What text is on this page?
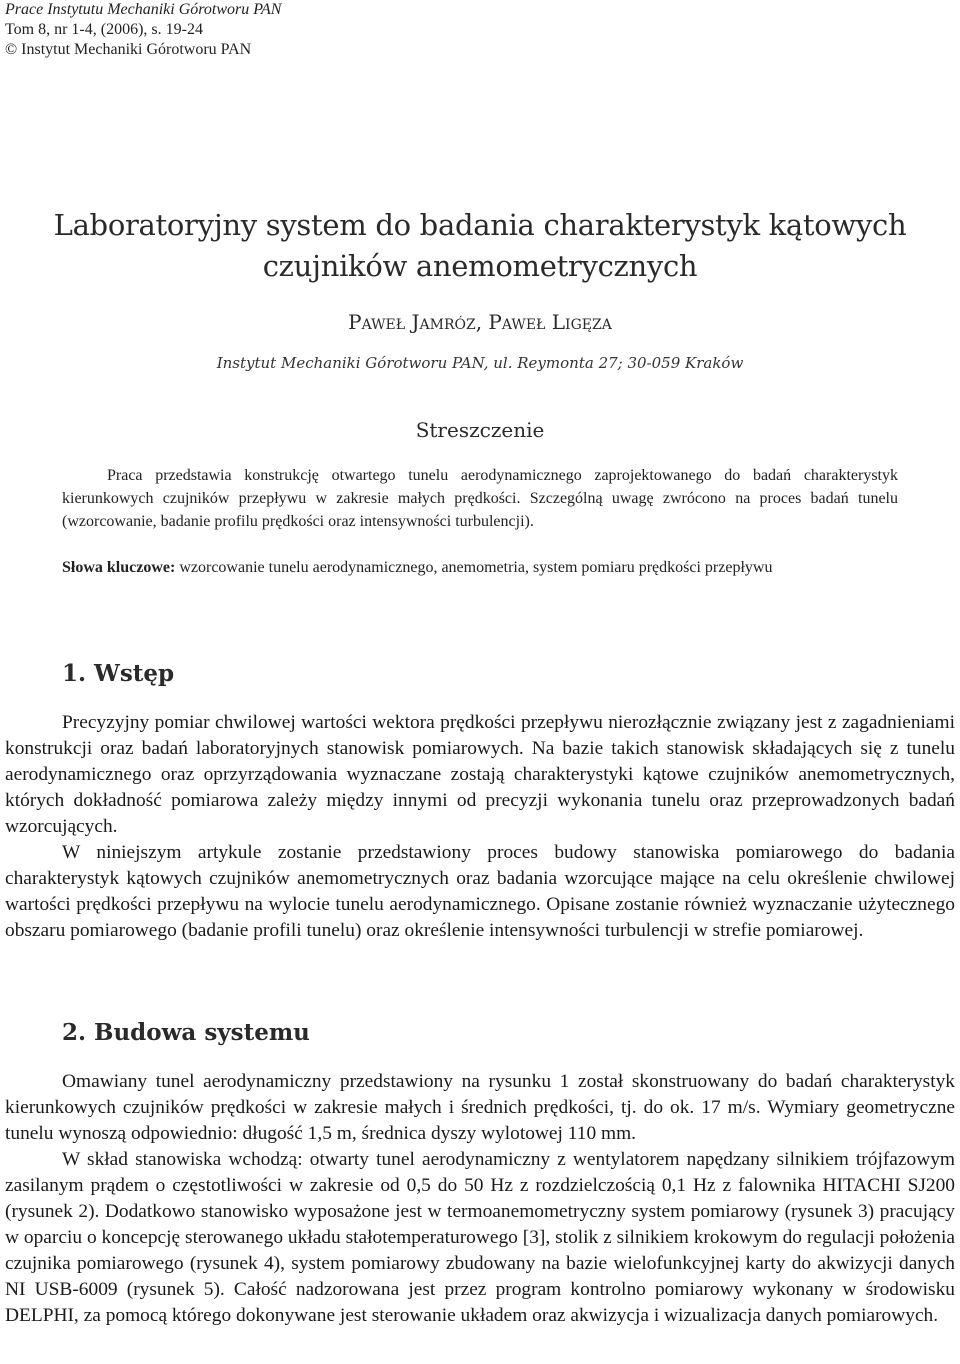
Prace Instytutu Mechaniki Górotworu PAN
Tom 8, nr 1-4, (2006), s. 19-24
© Instytut Mechaniki Górotworu PAN
Laboratoryjny system do badania charakterystyk kątowych
czujników anemometrycznych
Paweł Jamróz, Paweł Ligęza
Instytut Mechaniki Górotworu PAN, ul. Reymonta 27; 30-059 Kraków
Streszczenie
Praca przedstawia konstrukcję otwartego tunelu aerodynamicznego zaprojektowanego do badań charakterystyk kierunkowych czujników przepływu w zakresie małych prędkości. Szczególną uwagę zwrócono na proces badań tunelu (wzorcowanie, badanie profilu prędkości oraz intensywności turbulencji).
Słowa kluczowe: wzorcowanie tunelu aerodynamicznego, anemometria, system pomiaru prędkości przepływu
1. Wstęp

Precyzyjny pomiar chwilowej wartości wektora prędkości przepływu nierozłącznie związany jest z zagadnieniami konstrukcji oraz badań laboratoryjnych stanowisk pomiarowych. Na bazie takich stanowisk składających się z tunelu aerodynamicznego oraz oprzyrządowania wyznaczane zostają charakterystyki kątowe czujników anemometrycznych, których dokładność pomiarowa zależy między innymi od precyzji wykonania tunelu oraz przeprowadzonych badań wzorcujących.

W niniejszym artykule zostanie przedstawiony proces budowy stanowiska pomiarowego do badania charakterystyk kątowych czujników anemometrycznych oraz badania wzorcujące mające na celu określenie chwilowej wartości prędkości przepływu na wylocie tunelu aerodynamicznego. Opisane zostanie również wyznaczanie użytecznego obszaru pomiarowego (badanie profili tunelu) oraz określenie intensywności turbulencji w strefie pomiarowej.

2. Budowa systemu

Omawiany tunel aerodynamiczny przedstawiony na rysunku 1 został skonstruowany do badań charakterystyk kierunkowych czujników prędkości w zakresie małych i średnich prędkości, tj. do ok. 17 m/s. Wymiary geometryczne tunelu wynoszą odpowiednio: długość 1,5 m, średnica dyszy wylotowej 110 mm.

W skład stanowiska wchodzą: otwarty tunel aerodynamiczny z wentylatorem napędzany silnikiem trójfazowym zasilanym prądem o częstotliwości w zakresie od 0,5 do 50 Hz z rozdzielczością 0,1 Hz z falownika HITACHI SJ200 (rysunek 2). Dodatkowo stanowisko wyposażone jest w termoanemometryczny system pomiarowy (rysunek 3) pracujący w oparciu o koncepcję sterowanego układu stałotemperaturowego [3], stolik z silnikiem krokowym do regulacji położenia czujnika pomiarowego (rysunek 4), system pomiarowy zbudowany na bazie wielofunkcyjnej karty do akwizycji danych NI USB-6009 (rysunek 5). Całość nadzorowana jest przez program kontrolno pomiarowy wykonany w środowisku DELPHI, za pomocą którego dokonywane jest sterowanie układem oraz akwizycja i wizualizacja danych pomiarowych.
